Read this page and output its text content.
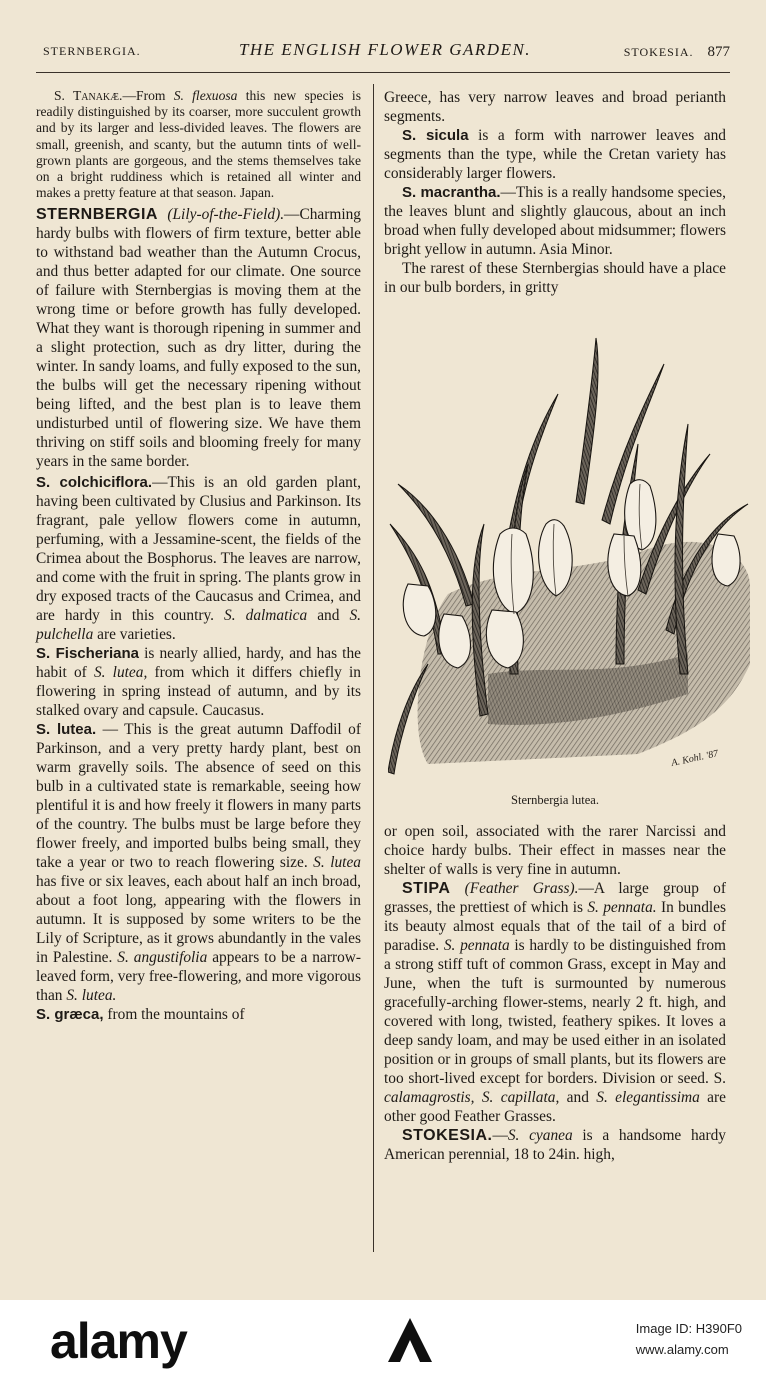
STERNBERGIA.	THE ENGLISH FLOWER GARDEN.	STOKESIA. 877

S. Tanakæ.—From S. flexuosa this new species is readily distinguished by its coarser, more succulent growth and by its larger and less-divided leaves. The flowers are small, greenish, and scanty, but the autumn tints of well-grown plants are gorgeous, and the stems themselves take on a bright ruddiness which is retained all winter and makes a pretty feature at that season. Japan.

STERNBERGIA (Lily-of-the-Field).—Charming hardy bulbs with flowers of firm texture, better able to withstand bad weather than the Autumn Crocus, and thus better adapted for our climate. One source of failure with Sternbergias is moving them at the wrong time or before growth has fully developed. What they want is thorough ripening in summer and a slight protection, such as dry litter, during the winter. In sandy loams, and fully exposed to the sun, the bulbs will get the necessary ripening without being lifted, and the best plan is to leave them undisturbed until of flowering size. We have them thriving on stiff soils and blooming freely for many years in the same border.

S. colchiciflora.—This is an old garden plant, having been cultivated by Clusius and Parkinson. Its fragrant, pale yellow flowers come in autumn, perfuming, with a Jessamine-scent, the fields of the Crimea about the Bosphorus. The leaves are narrow, and come with the fruit in spring. The plants grow in dry exposed tracts of the Caucasus and Crimea, and are hardy in this country. S. dalmatica and S. pulchella are varieties.

S. Fischeriana is nearly allied, hardy, and has the habit of S. lutea, from which it differs chiefly in flowering in spring instead of autumn, and by its stalked ovary and capsule. Caucasus.

S. lutea. — This is the great autumn Daffodil of Parkinson, and a very pretty hardy plant, best on warm gravelly soils. The absence of seed on this bulb in a cultivated state is remarkable, seeing how plentiful it is and how freely it flowers in many parts of the country. The bulbs must be large before they flower freely, and imported bulbs being small, they take a year or two to reach flowering size. S. lutea has five or six leaves, each about half an inch broad, about a foot long, appearing with the flowers in autumn. It is supposed by some writers to be the Lily of Scripture, as it grows abundantly in the vales in Palestine. S. angustifolia appears to be a narrow-leaved form, very free-flowering, and more vigorous than S. lutea.

S. græca, from the mountains of

Greece, has very narrow leaves and broad perianth segments.

S. sicula is a form with narrower leaves and segments than the type, while the Cretan variety has considerably larger flowers.

S. macrantha.—This is a really handsome species, the leaves blunt and slightly glaucous, about an inch broad when fully developed about midsummer; flowers bright yellow in autumn. Asia Minor.

The rarest of these Sternbergias should have a place in our bulb borders, in gritty

A. Kohl. '87
Sternbergia lutea.

or open soil, associated with the rarer Narcissi and choice hardy bulbs. Their effect in masses near the shelter of walls is very fine in autumn.

STIPA (Feather Grass).—A large group of grasses, the prettiest of which is S. pennata. In bundles its beauty almost equals that of the tail of a bird of paradise. S. pennata is hardly to be distinguished from a strong stiff tuft of common Grass, except in May and June, when the tuft is surmounted by numerous gracefully-arching flower-stems, nearly 2 ft. high, and covered with long, twisted, feathery spikes. It loves a deep sandy loam, and may be used either in an isolated position or in groups of small plants, but its flowers are too short-lived except for borders. Division or seed. S. calamagrostis, S. capillata, and S. elegantissima are other good Feather Grasses.

STOKESIA.—S. cyanea is a handsome hardy American perennial, 18 to 24in. high,

alamy	Image ID: H390F0
www.alamy.com
